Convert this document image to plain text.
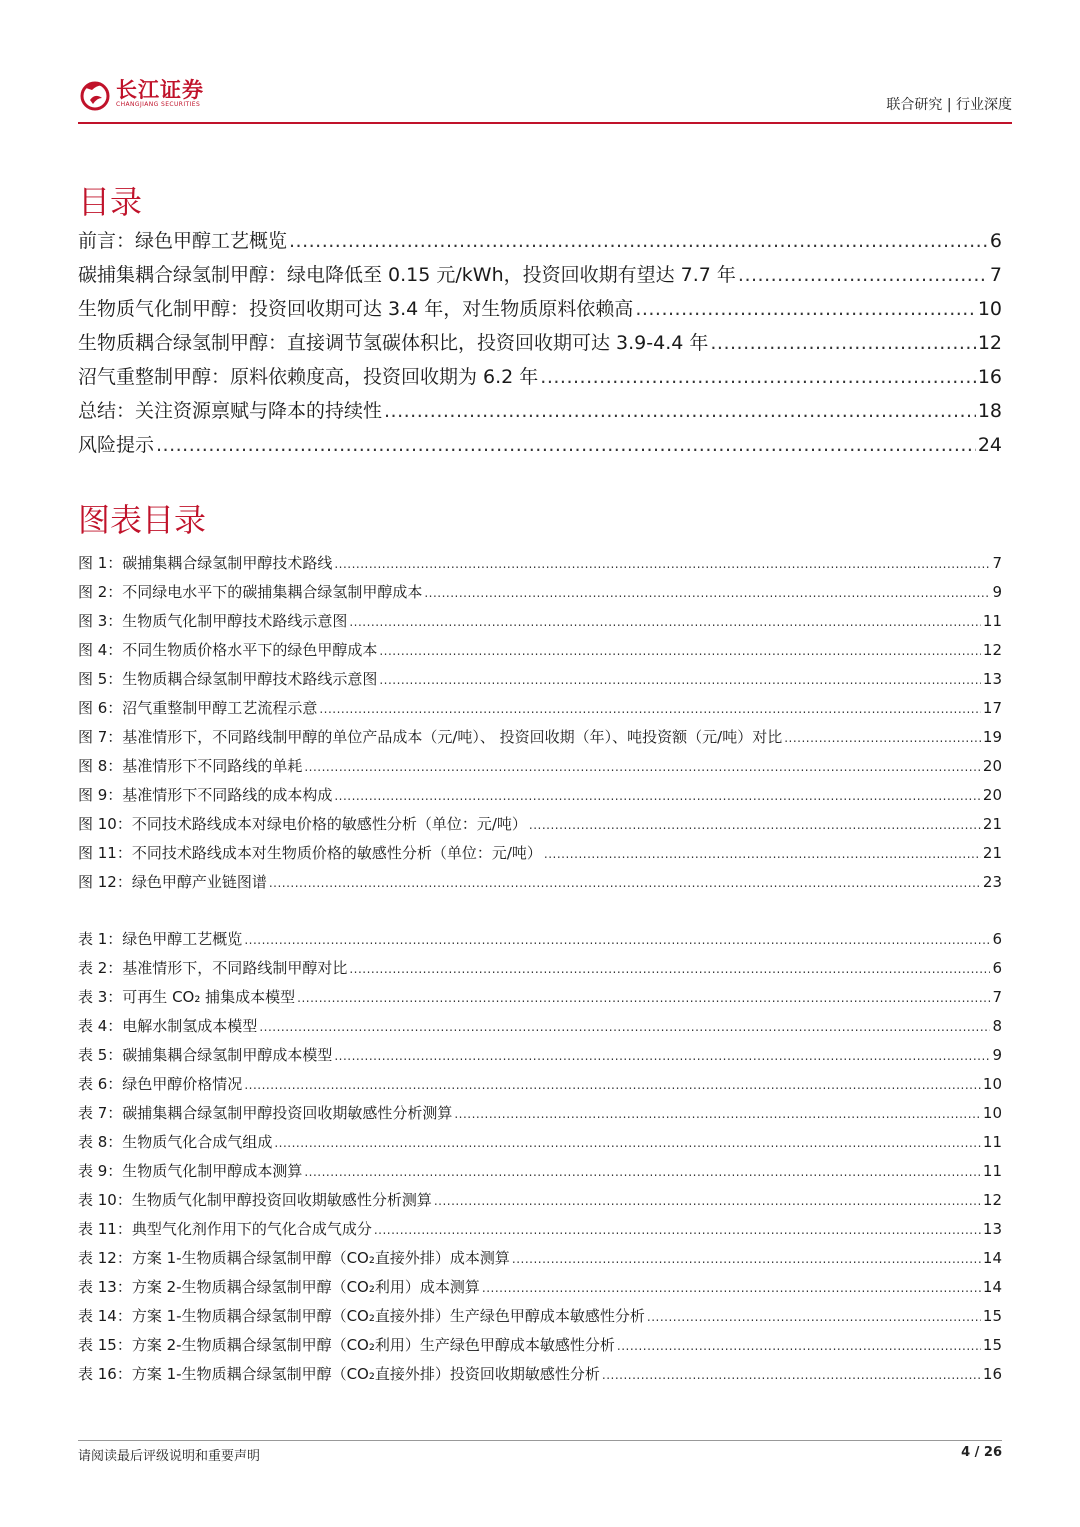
长江证券
CHANGJIANG SECURITIES	联合研究 | 行业深度
目录
前言：绿色甲醇工艺概览 .....	6
碳捕集耦合绿氢制甲醇：绿电降低至 0.15 元/kWh，投资回收期有望达 7.7 年 .....	7
生物质气化制甲醇：投资回收期可达 3.4 年，对生物质原料依赖高 .....	10
生物质耦合绿氢制甲醇：直接调节氢碳体积比，投资回收期可达 3.9-4.4 年 .....	12
沼气重整制甲醇：原料依赖度高，投资回收期为 6.2 年 .....	16
总结：关注资源禀赋与降本的持续性 .....	18
风险提示 .....	24
图表目录
图 1：碳捕集耦合绿氢制甲醇技术路线 .....	7
图 2：不同绿电水平下的碳捕集耦合绿氢制甲醇成本 .....	9
图 3：生物质气化制甲醇技术路线示意图 .....	11
图 4：不同生物质价格水平下的绿色甲醇成本 .....	12
图 5：生物质耦合绿氢制甲醇技术路线示意图 .....	13
图 6：沼气重整制甲醇工艺流程示意 .....	17
图 7：基准情形下，不同路线制甲醇的单位产品成本（元/吨）、 投资回收期（年）、吨投资额（元/吨）对比 .....	19
图 8：基准情形下不同路线的单耗 .....	20
图 9：基准情形下不同路线的成本构成 .....	20
图 10：不同技术路线成本对绿电价格的敏感性分析（单位：元/吨） .....	21
图 11：不同技术路线成本对生物质价格的敏感性分析（单位：元/吨） .....	21
图 12：绿色甲醇产业链图谱 .....	23
表 1：绿色甲醇工艺概览 .....	6
表 2：基准情形下，不同路线制甲醇对比 .....	6
表 3：可再生 CO₂ 捕集成本模型 .....	7
表 4：电解水制氢成本模型 .....	8
表 5：碳捕集耦合绿氢制甲醇成本模型 .....	9
表 6：绿色甲醇价格情况 .....	10
表 7：碳捕集耦合绿氢制甲醇投资回收期敏感性分析测算 .....	10
表 8：生物质气化合成气组成 .....	11
表 9：生物质气化制甲醇成本测算 .....	11
表 10：生物质气化制甲醇投资回收期敏感性分析测算 .....	12
表 11：典型气化剂作用下的气化合成气成分 .....	13
表 12：方案 1-生物质耦合绿氢制甲醇（CO₂直接外排）成本测算 .....	14
表 13：方案 2-生物质耦合绿氢制甲醇（CO₂利用）成本测算 .....	14
表 14：方案 1-生物质耦合绿氢制甲醇（CO₂直接外排）生产绿色甲醇成本敏感性分析 .....	15
表 15：方案 2-生物质耦合绿氢制甲醇（CO₂利用）生产绿色甲醇成本敏感性分析 .....	15
表 16：方案 1-生物质耦合绿氢制甲醇（CO₂直接外排）投资回收期敏感性分析 .....	16
请阅读最后评级说明和重要声明	4 / 26
